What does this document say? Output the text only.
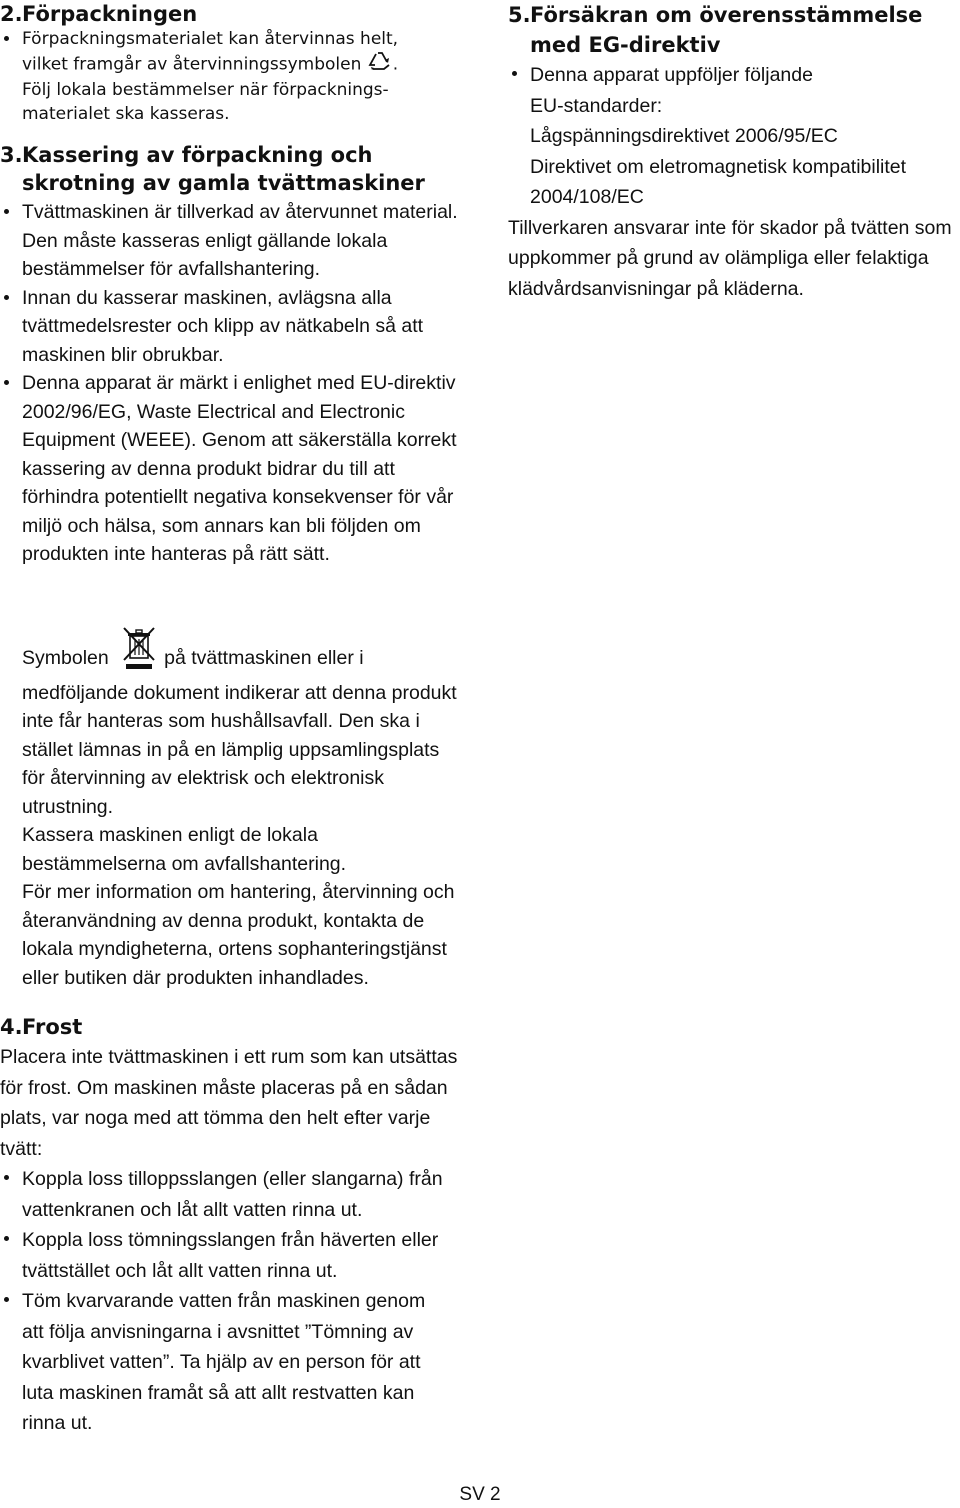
2.Förpackningen
Förpackningsmaterialet kan återvinnas helt,
vilket framgår av återvinningssymbolen .
Följ lokala bestämmelser när förpacknings-
materialet ska kasseras.
3. Kassering av förpackning och skrotning av gamla tvättmaskiner
Tvättmaskinen är tillverkad av återvunnet material. Den måste kasseras enligt gällande lokala bestämmelser för avfallshantering.
Innan du kasserar maskinen, avlägsna alla tvättmedelsrester och klipp av nätkabeln så att maskinen blir obrukbar.
Denna apparat är märkt i enlighet med EU-direktiv 2002/96/EG, Waste Electrical and Electronic Equipment (WEEE). Genom att säkerställa korrekt kassering av denna produkt bidrar du till att förhindra potentiellt negativa konsekvenser för vår miljö och hälsa, som annars kan bli följden om produkten inte hanteras på rätt sätt.

Symbolen	på tvättmaskinen eller i medföljande dokument indikerar att denna produkt inte får hanteras som hushållsavfall. Den ska i stället lämnas in på en lämplig uppsamlingsplats för återvinning av elektrisk och elektronisk utrustning.

Kassera maskinen enligt de lokala bestämmelserna om avfallshantering.

För mer information om hantering, återvinning och återanvändning av denna produkt, kontakta de lokala myndigheterna, ortens sophanteringstjänst eller butiken där produkten inhandlades.

4.Frost

Placera inte tvättmaskinen i ett rum som kan utsättas för frost. Om maskinen måste placeras på en sådan plats, var noga med att tömma den helt efter varje tvätt:

Koppla loss tilloppsslangen (eller slangarna) från vattenkranen och låt allt vatten rinna ut.
Koppla loss tömningsslangen från häverten eller tvättstället och låt allt vatten rinna ut.
Töm kvarvarande vatten från maskinen genom att följa anvisningarna i avsnittet ”Tömning av kvarblivet vatten”. Ta hjälp av en person för att luta maskinen framåt så att allt restvatten kan rinna ut.
5. Försäkran om överensstämmelse med EG-direktiv
Denna apparat uppföljer följande
EU-standarder:
Lågspänningsdirektivet 2006/95/EC
Direktivet om eletromagnetisk kompatibilitet
2004/108/EC

Tillverkaren ansvarar inte för skador på tvätten som uppkommer på grund av olämpliga eller felaktiga klädvårdsanvisningar på kläderna.

SV 2
